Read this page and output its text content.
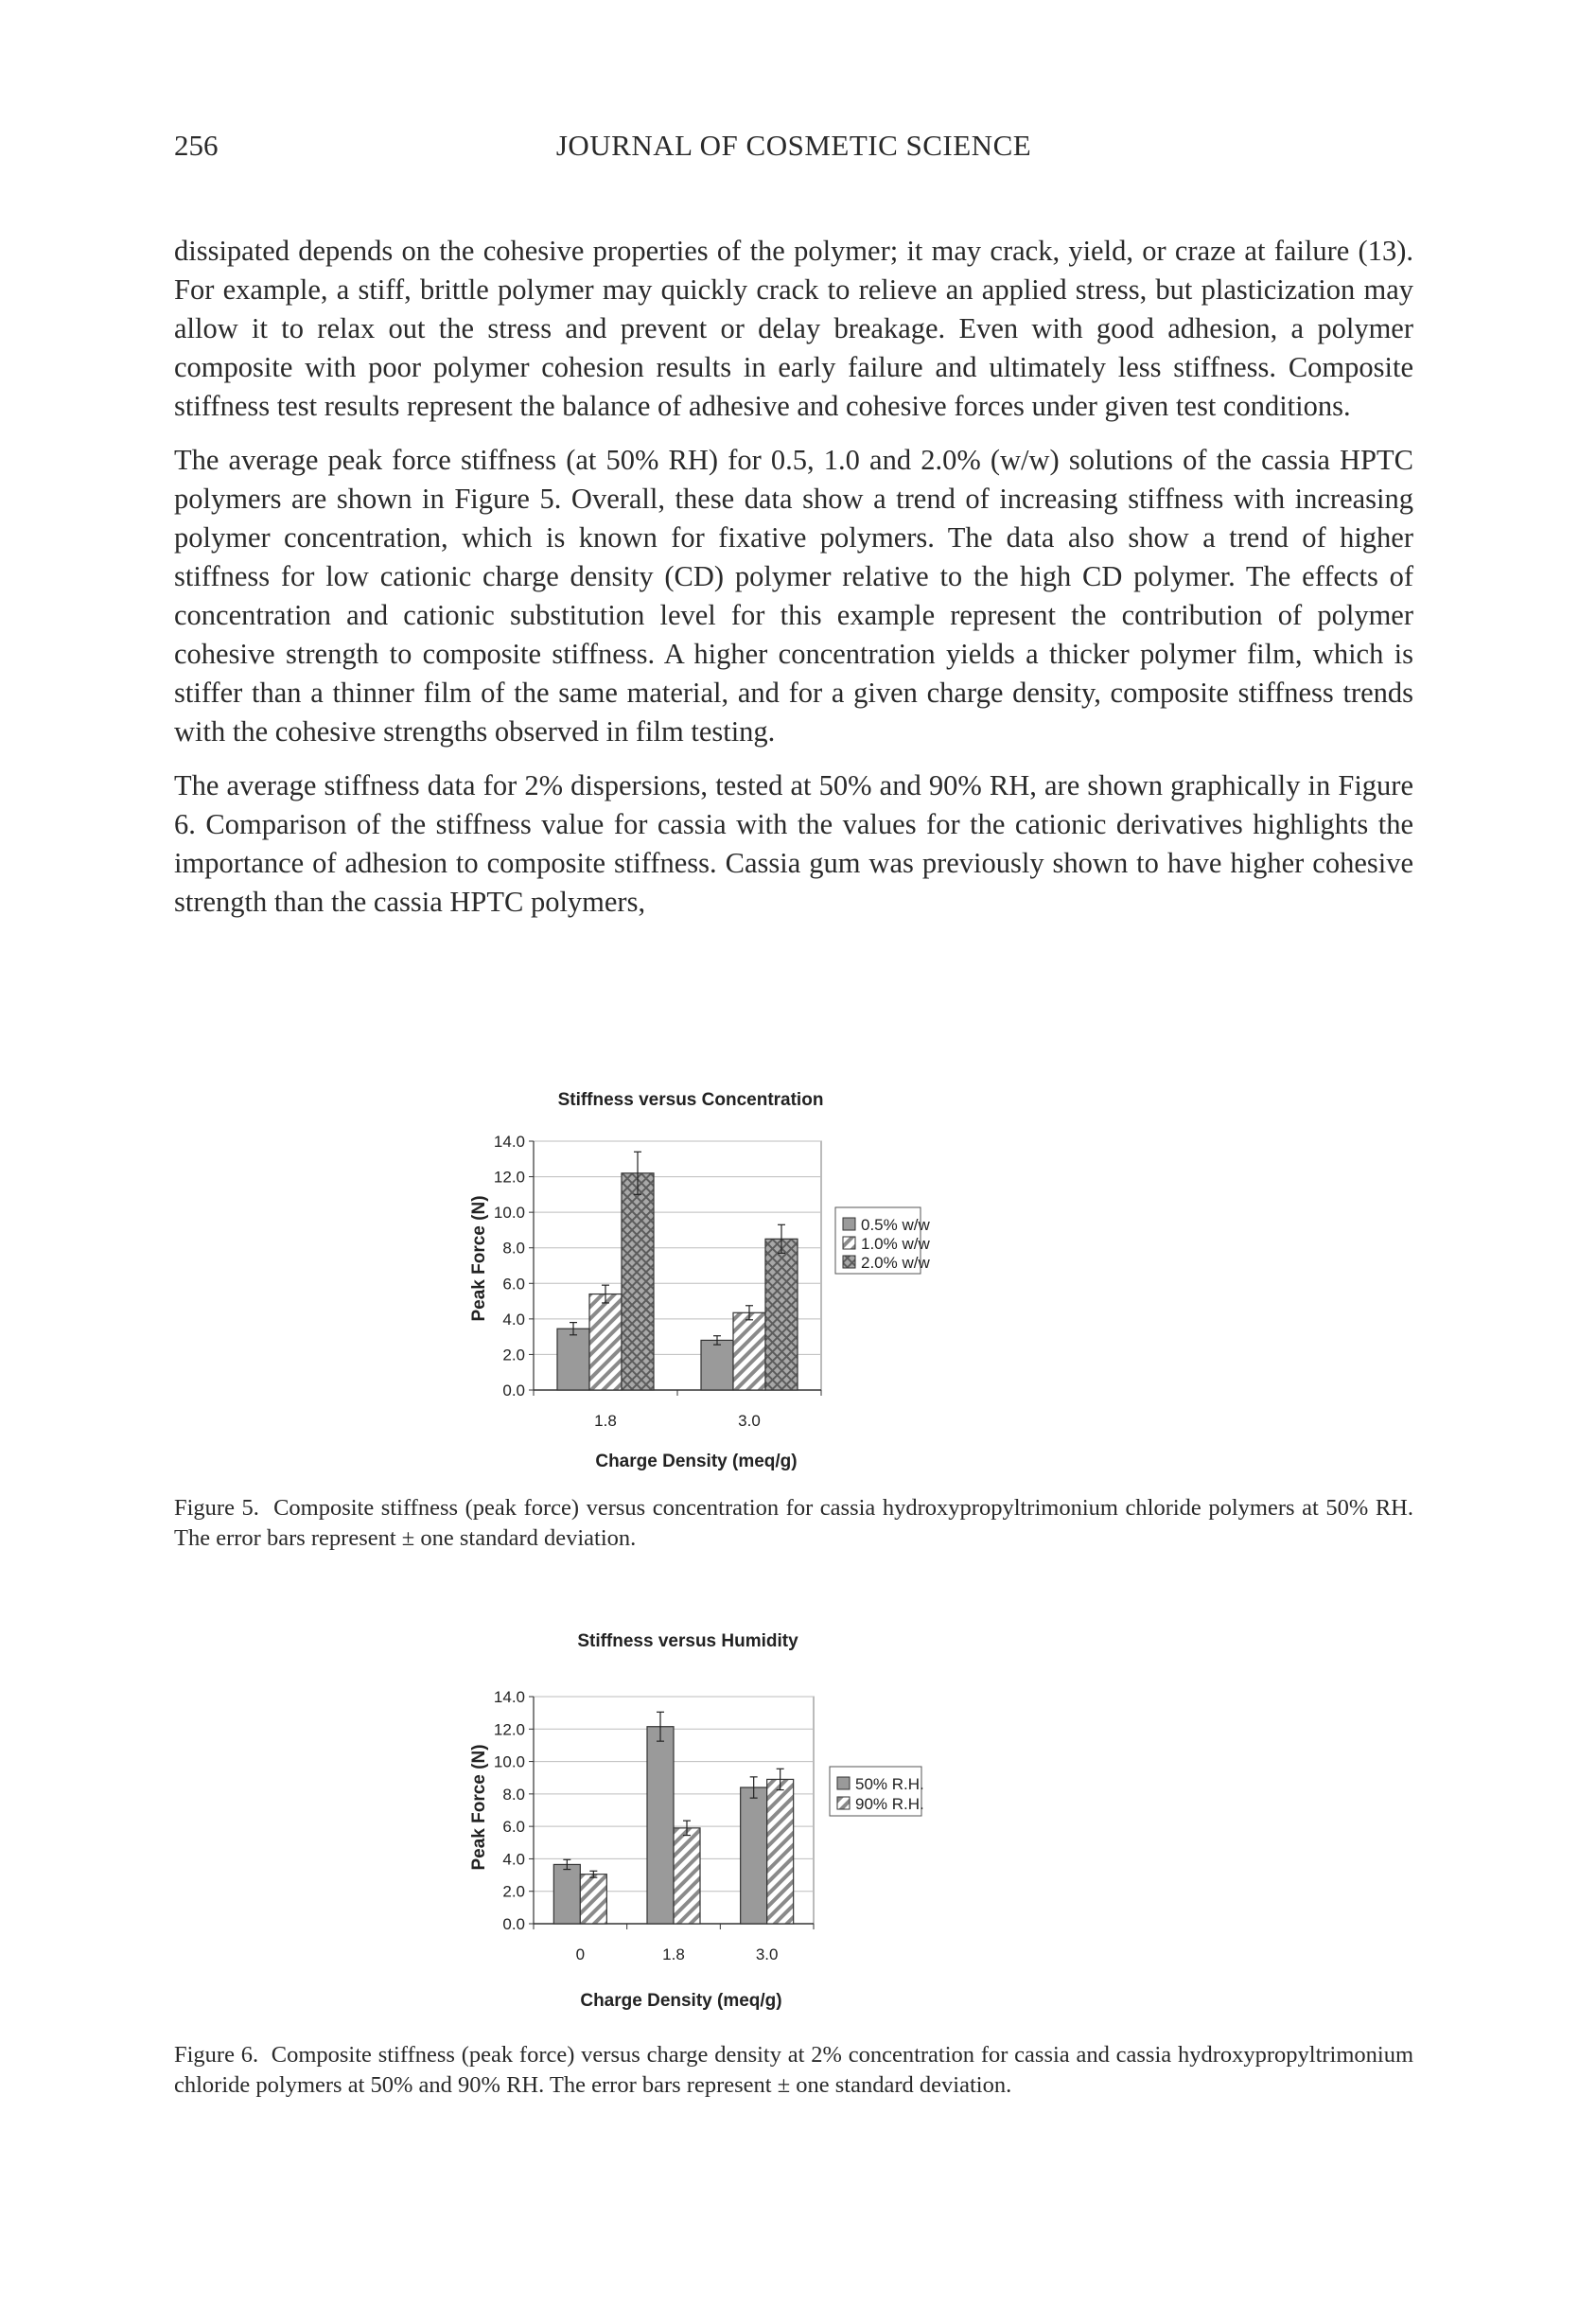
256	JOURNAL OF COSMETIC SCIENCE

dissipated depends on the cohesive properties of the polymer; it may crack, yield, or craze at failure (13). For example, a stiff, brittle polymer may quickly crack to relieve an applied stress, but plasticization may allow it to relax out the stress and prevent or delay breakage. Even with good adhesion, a polymer composite with poor polymer cohesion results in early failure and ultimately less stiffness. Composite stiffness test results represent the balance of adhesive and cohesive forces under given test conditions.

The average peak force stiffness (at 50% RH) for 0.5, 1.0 and 2.0% (w/w) solutions of the cassia HPTC polymers are shown in Figure 5. Overall, these data show a trend of increasing stiffness with increasing polymer concentration, which is known for fixative polymers. The data also show a trend of higher stiffness for low cationic charge density (CD) polymer relative to the high CD polymer. The effects of concentration and cationic substitution level for this example represent the contribution of polymer cohesive strength to composite stiffness. A higher concentration yields a thicker polymer film, which is stiffer than a thinner film of the same material, and for a given charge density, composite stiffness trends with the cohesive strengths observed in film testing.

The average stiffness data for 2% dispersions, tested at 50% and 90% RH, are shown graphically in Figure 6. Comparison of the stiffness value for cassia with the values for the cationic derivatives highlights the importance of adhesion to composite stiffness. Cassia gum was previously shown to have higher cohesive strength than the cassia HPTC polymers,

Stiffness versus Concentration
0.0
2.0
4.0
6.0
8.0
10.0
12.0
14.0
1.8	3.0
Charge Density (meq/g)
Peak Force (N)	0.5% w/w
1.0% w/w
2.0% w/w
Figure 5. Composite stiffness (peak force) versus concentration for cassia hydroxypropyltrimonium chloride polymers at 50% RH. The error bars represent ± one standard deviation.
Stiffness versus Humidity
0.0
2.0
4.0
6.0
8.0
10.0
12.0
14.0
0	1.8	3.0
Charge Density (meq/g)
Peak Force (N)	50% R.H.
90% R.H.
Figure 6. Composite stiffness (peak force) versus charge density at 2% concentration for cassia and cassia hydroxypropyltrimonium chloride polymers at 50% and 90% RH. The error bars represent ± one standard deviation.
